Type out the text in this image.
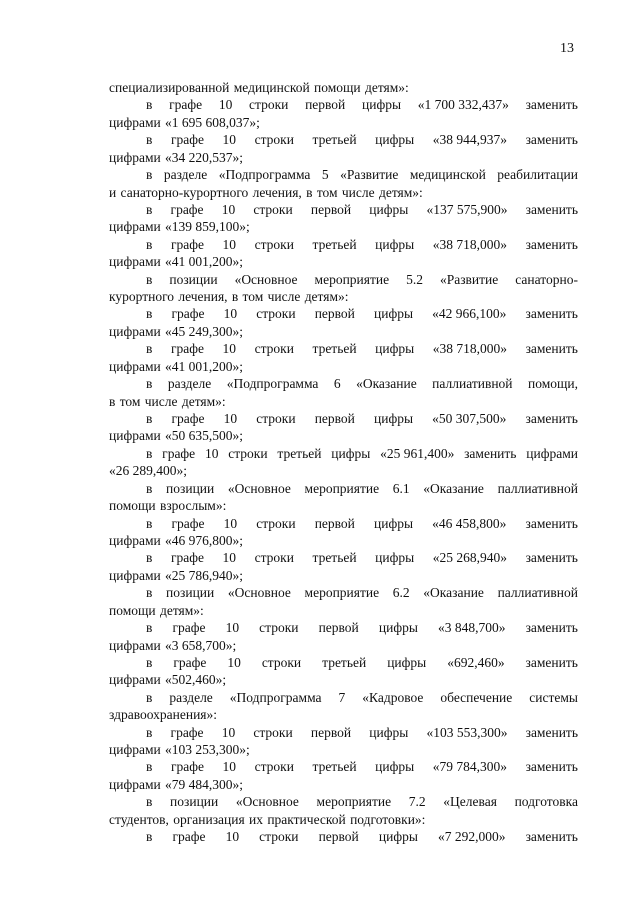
13
специализированной медицинской помощи детям»:
в графе 10 строки первой цифры «1 700 332,437» заменить
цифрами «1 695 608,037»;
в графе 10 строки третьей цифры «38 944,937» заменить
цифрами «34 220,537»;
в разделе «Подпрограмма 5 «Развитие медицинской реабилитации
и санаторно-курортного лечения, в том числе детям»:
в графе 10 строки первой цифры «137 575,900» заменить
цифрами «139 859,100»;
в графе 10 строки третьей цифры «38 718,000» заменить
цифрами «41 001,200»;
в позиции «Основное мероприятие 5.2 «Развитие санаторно-
курортного лечения, в том числе детям»:
в графе 10 строки первой цифры «42 966,100» заменить
цифрами «45 249,300»;
в графе 10 строки третьей цифры «38 718,000» заменить
цифрами «41 001,200»;
в разделе «Подпрограмма 6 «Оказание паллиативной помощи,
в том числе детям»:
в графе 10 строки первой цифры «50 307,500» заменить
цифрами «50 635,500»;
в графе 10 строки третьей цифры «25 961,400» заменить цифрами
«26 289,400»;
в позиции «Основное мероприятие 6.1 «Оказание паллиативной
помощи взрослым»:
в графе 10 строки первой цифры «46 458,800» заменить
цифрами «46 976,800»;
в графе 10 строки третьей цифры «25 268,940» заменить
цифрами «25 786,940»;
в позиции «Основное мероприятие 6.2 «Оказание паллиативной
помощи детям»:
в графе 10 строки первой цифры «3 848,700» заменить
цифрами «3 658,700»;
в графе 10 строки третьей цифры «692,460» заменить
цифрами «502,460»;
в разделе «Подпрограмма 7 «Кадровое обеспечение системы
здравоохранения»:
в графе 10 строки первой цифры «103 553,300» заменить
цифрами «103 253,300»;
в графе 10 строки третьей цифры «79 784,300» заменить
цифрами «79 484,300»;
в позиции «Основное мероприятие 7.2 «Целевая подготовка
студентов, организация их практической подготовки»:
в графе 10 строки первой цифры «7 292,000» заменить
